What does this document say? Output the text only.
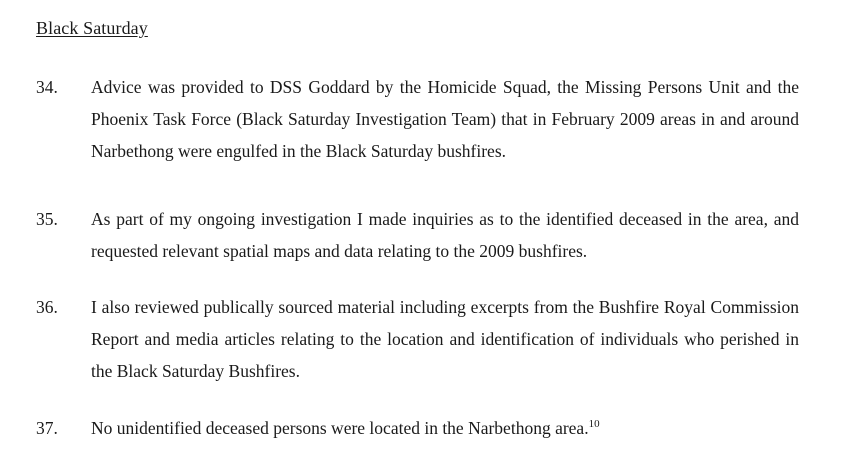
Black Saturday
34. Advice was provided to DSS Goddard by the Homicide Squad, the Missing Persons Unit and the Phoenix Task Force (Black Saturday Investigation Team) that in February 2009 areas in and around Narbethong were engulfed in the Black Saturday bushfires.
35. As part of my ongoing investigation I made inquiries as to the identified deceased in the area, and requested relevant spatial maps and data relating to the 2009 bushfires.
36. I also reviewed publically sourced material including excerpts from the Bushfire Royal Commission Report and media articles relating to the location and identification of individuals who perished in the Black Saturday Bushfires.
37. No unidentified deceased persons were located in the Narbethong area.$^{10}$
